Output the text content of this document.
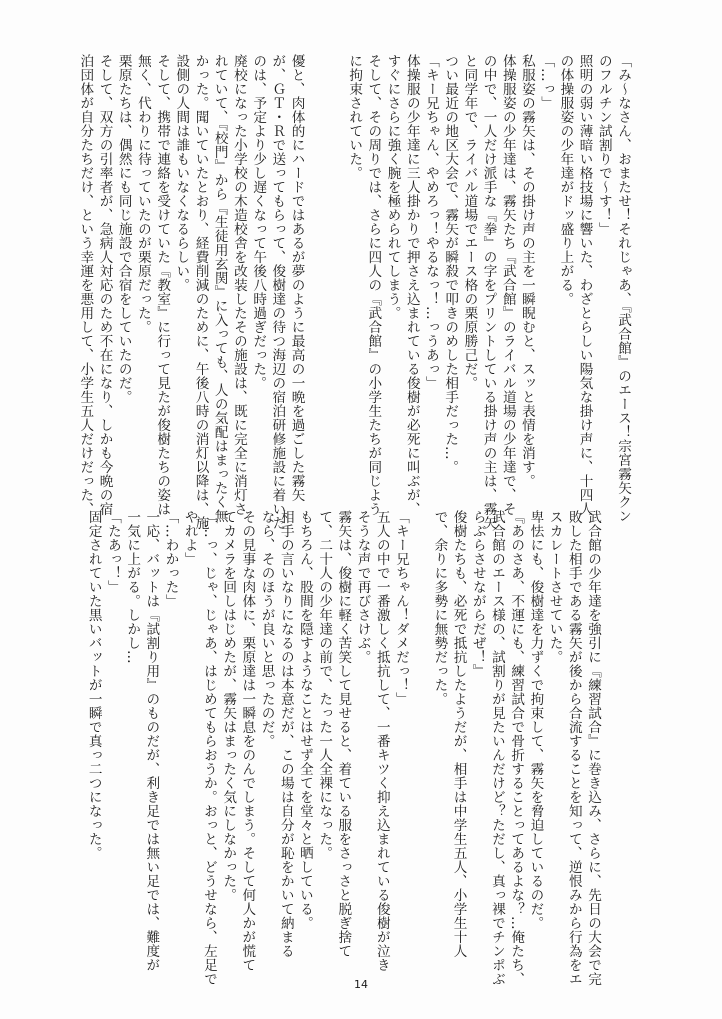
「み〜なさん、おまたせ！それじゃあ、『武合館』のエース！宗宮霧矢クン

のフルチン試割りで〜す！」

照明の弱い薄暗い格技場に響いた、わざとらしい陽気な掛け声に、十四人

の体操服姿の少年達がドッ盛り上がる。

「…っ」

私服姿の霧矢は、その掛け声の主を一瞬睨むと、スッと表情を消す。

体操服姿の少年達は、霧矢たち『武合館』のライバル道場の少年達で、そ

の中で、一人だけ派手な『拳』の字をプリントしている掛け声の主は、霧矢

と同学年で、ライバル道場でエース格の栗原勝己だ。

つい最近の地区大会で、霧矢が瞬殺で叩きのめした相手だった…。

「キー兄ちゃん、やめろっ！やるなっ！…っうあっ」

体操服の少年達に三人掛かりで押さえ込まれている俊樹が必死に叫ぶが、

すぐにさらに強く腕を極められてしまう。

そして、その周りでは、さらに四人の『武合館』の小学生たちが同じよう

に拘束されていた。

優と、肉体的にハードではあるが夢のように最高の一晩を過ごした霧矢

が、ＧＴ・Ｒで送ってもらって、俊樹達の待つ海辺の宿泊研修施設に着いた

のは、予定より少し遅くなって午後八時過ぎだった。

廃校になった小学校の木造校舎を改装したその施設は、既に完全に消灯さ

れていて、『校門』から『生徒用玄関』に入っても、人の気配はまったく無

かった。聞いていたとおり、経費削減のために、午後八時の消灯以降は、施

設側の人間は誰もいなくなるらしい。

そして、携帯で連絡を受けていた『教室』に行って見たが俊樹たちの姿は

無く、代わりに待っていたのが栗原だった。

栗原たちは、偶然にも同じ施設で合宿をしていたのだ。

そして、双方の引率者が、急病人対応のため不在になり、しかも今晩の宿

泊団体が自分たちだけ、という幸運を悪用して、小学生五人だけだった、

武合館の少年達を強引に『練習試合』に巻き込み、さらに、先日の大会で完

敗した相手である霧矢が後から合流することを知って、逆恨みから行為をエ

スカレートさせていた。

卑怯にも、俊樹達を力ずくで拘束して、霧矢を脅迫しているのだ。

『あのさあ、不運にも、練習試合で骨折することってあるよな？…俺たち、

武合館のエース様の、試割りが見たいんだけど？ただし、真っ裸でチンポぶ

らぶらさせながらだぜ！』

俊樹たちも、必死で抵抗したようだが、相手は中学生五人、小学生十人

で、余りに多勢に無勢だった。

「キー兄ちゃん！ダメだっ！」

五人の中で一番激しく抵抗して、一番キツく抑え込まれている俊樹が泣き

そうな声で再びさけぶ。

霧矢は、俊樹に軽く苦笑して見せると、着ている服をさっさと脱ぎ捨て

て、二十人の少年達の前で、たった一人全裸になった。

もちろん、股間を隠すようなことはせず全てを堂々と晒している。

相手の言いなりになるのは本意だが、この場は自分が恥をかいて納まる

なら、そのほうが良いと思ったのだ。

その見事な肉体に、栗原達は一瞬息をのんでしまう。そして何人かが慌て

てカメラを回しはじめたが、霧矢はまったく気にしなかった。

「…っ、じゃ、じゃあ、はじめてもらおうか。おっと、どうせなら、左足で

やれよ」

「…わかった」

一応、バットは『試割り用』のものだが、利き足では無い足では、難度が

一気に上がる。しかし…

「たあっ！」

固定されていた黒いバットが一瞬で真っ二つになった。

14
